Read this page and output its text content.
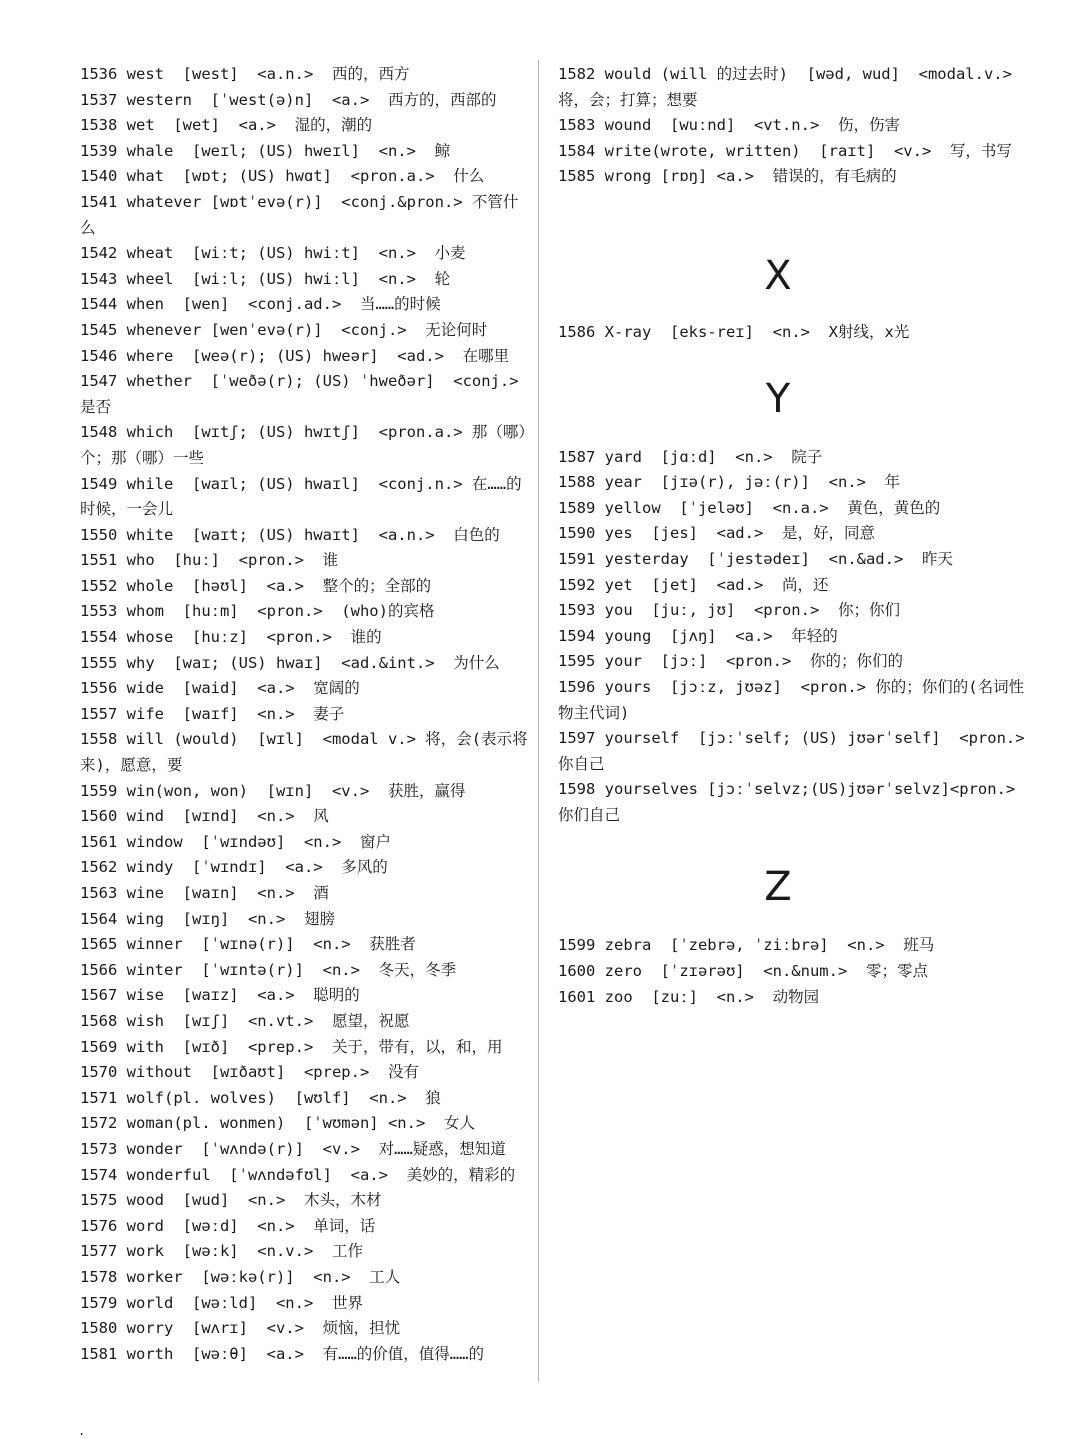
1536 west  [west]  <a.n.>  西的，西方
1537 western  [ˈwest(ə)n]  <a.>  西方的，西部的
1538 wet  [wet]  <a.>  湿的，潮的
1539 whale  [weɪl; (US) hweɪl]  <n.>  鲸
1540 what  [wɒt; (US) hwɑt]  <pron.a.>  什么
1541 whatever [wɒtˈevə(r)]  <conj.&pron.> 不管什么
1542 wheat  [wiːt; (US) hwiːt]  <n.>  小麦
1543 wheel  [wiːl; (US) hwiːl]  <n.>  轮
1544 when  [wen]  <conj.ad.>  当……的时候
1545 whenever [wenˈevə(r)]  <conj.>  无论何时
1546 where  [weə(r); (US) hweər]  <ad.>  在哪里
1547 whether  [ˈweðə(r); (US) ˈhweðər]  <conj.> 是否
1548 which  [wɪtʃ; (US) hwɪtʃ]  <pron.a.> 那（哪）个；那（哪）一些
1549 while  [waɪl; (US) hwaɪl]  <conj.n.> 在……的时候，一会儿
1550 white  [waɪt; (US) hwaɪt]  <a.n.>  白色的
1551 who  [huː]  <pron.>  谁
1552 whole  [həʊl]  <a.>  整个的；全部的
1553 whom  [huːm]  <pron.>  (who)的宾格
1554 whose  [huːz]  <pron.>  谁的
1555 why  [waɪ; (US) hwaɪ]  <ad.&int.>  为什么
1556 wide  [waid]  <a.>  宽阔的
1557 wife  [waɪf]  <n.>  妻子
1558 will (would)  [wɪl]  <modal v.> 将，会(表示将来)，愿意，要
1559 win(won, won)  [wɪn]  <v.>  获胜，赢得
1560 wind  [wɪnd]  <n.>  风
1561 window  [ˈwɪndəʊ]  <n.>  窗户
1562 windy  [ˈwɪndɪ]  <a.>  多风的
1563 wine  [waɪn]  <n.>  酒
1564 wing  [wɪŋ]  <n.>  翅膀
1565 winner  [ˈwɪnə(r)]  <n.>  获胜者
1566 winter  [ˈwɪntə(r)]  <n.>  冬天，冬季
1567 wise  [waɪz]  <a.>  聪明的
1568 wish  [wɪʃ]  <n.vt.>  愿望，祝愿
1569 with  [wɪð]  <prep.>  关于，带有，以，和，用
1570 without  [wɪðaʊt]  <prep.>  没有
1571 wolf(pl. wolves)  [wʊlf]  <n.>  狼
1572 woman(pl. wonmen)  [ˈwʊmən] <n.>  女人
1573 wonder  [ˈwʌndə(r)]  <v.>  对……疑惑，想知道
1574 wonderful  [ˈwʌndəfʊl]  <a.>  美妙的，精彩的
1575 wood  [wud]  <n.>  木头，木材
1576 word  [wəːd]  <n.>  单词，话
1577 work  [wəːk]  <n.v.>  工作
1578 worker  [wəːkə(r)]  <n.>  工人
1579 world  [wəːld]  <n.>  世界
1580 worry  [wʌrɪ]  <v.>  烦恼，担忧
1581 worth  [wəːθ]  <a.>  有……的价值，值得……的
1582 would (will 的过去时)  [wəd, wud]  <modal.v.> 将，会；打算；想要
1583 wound  [wuːnd]  <vt.n.>  伤，伤害
1584 write(wrote, written)  [raɪt]  <v.>  写，书写
1585 wrong [rɒŋ] <a.>  错误的，有毛病的
X
1586 X-ray  [eks-reɪ]  <n.>  X射线，x光
Y
1587 yard  [jɑːd]  <n.>  院子
1588 year  [jɪə(r), jəː(r)]  <n.>  年
1589 yellow  [ˈjeləʊ]  <n.a.>  黄色，黄色的
1590 yes  [jes]  <ad.>  是，好，同意
1591 yesterday  [ˈjestədeɪ]  <n.&ad.>  昨天
1592 yet  [jet]  <ad.>  尚，还
1593 you  [juː, jʊ]  <pron.>  你；你们
1594 young  [jʌŋ]  <a.>  年轻的
1595 your  [jɔː]  <pron.>  你的；你们的
1596 yours  [jɔːz, jʊəz]  <pron.> 你的；你们的(名词性物主代词)
1597 yourself  [jɔːˈself; (US) jʊərˈself]  <pron.> 你自己
1598 yourselves [jɔːˈselvz;(US)jʊərˈselvz]<pron.> 你们自己
Z
1599 zebra  [ˈzebrə, ˈziːbrə]  <n.>  班马
1600 zero  [ˈzɪərəʊ]  <n.&num.>  零；零点
1601 zoo  [zuː]  <n.>  动物园
.
